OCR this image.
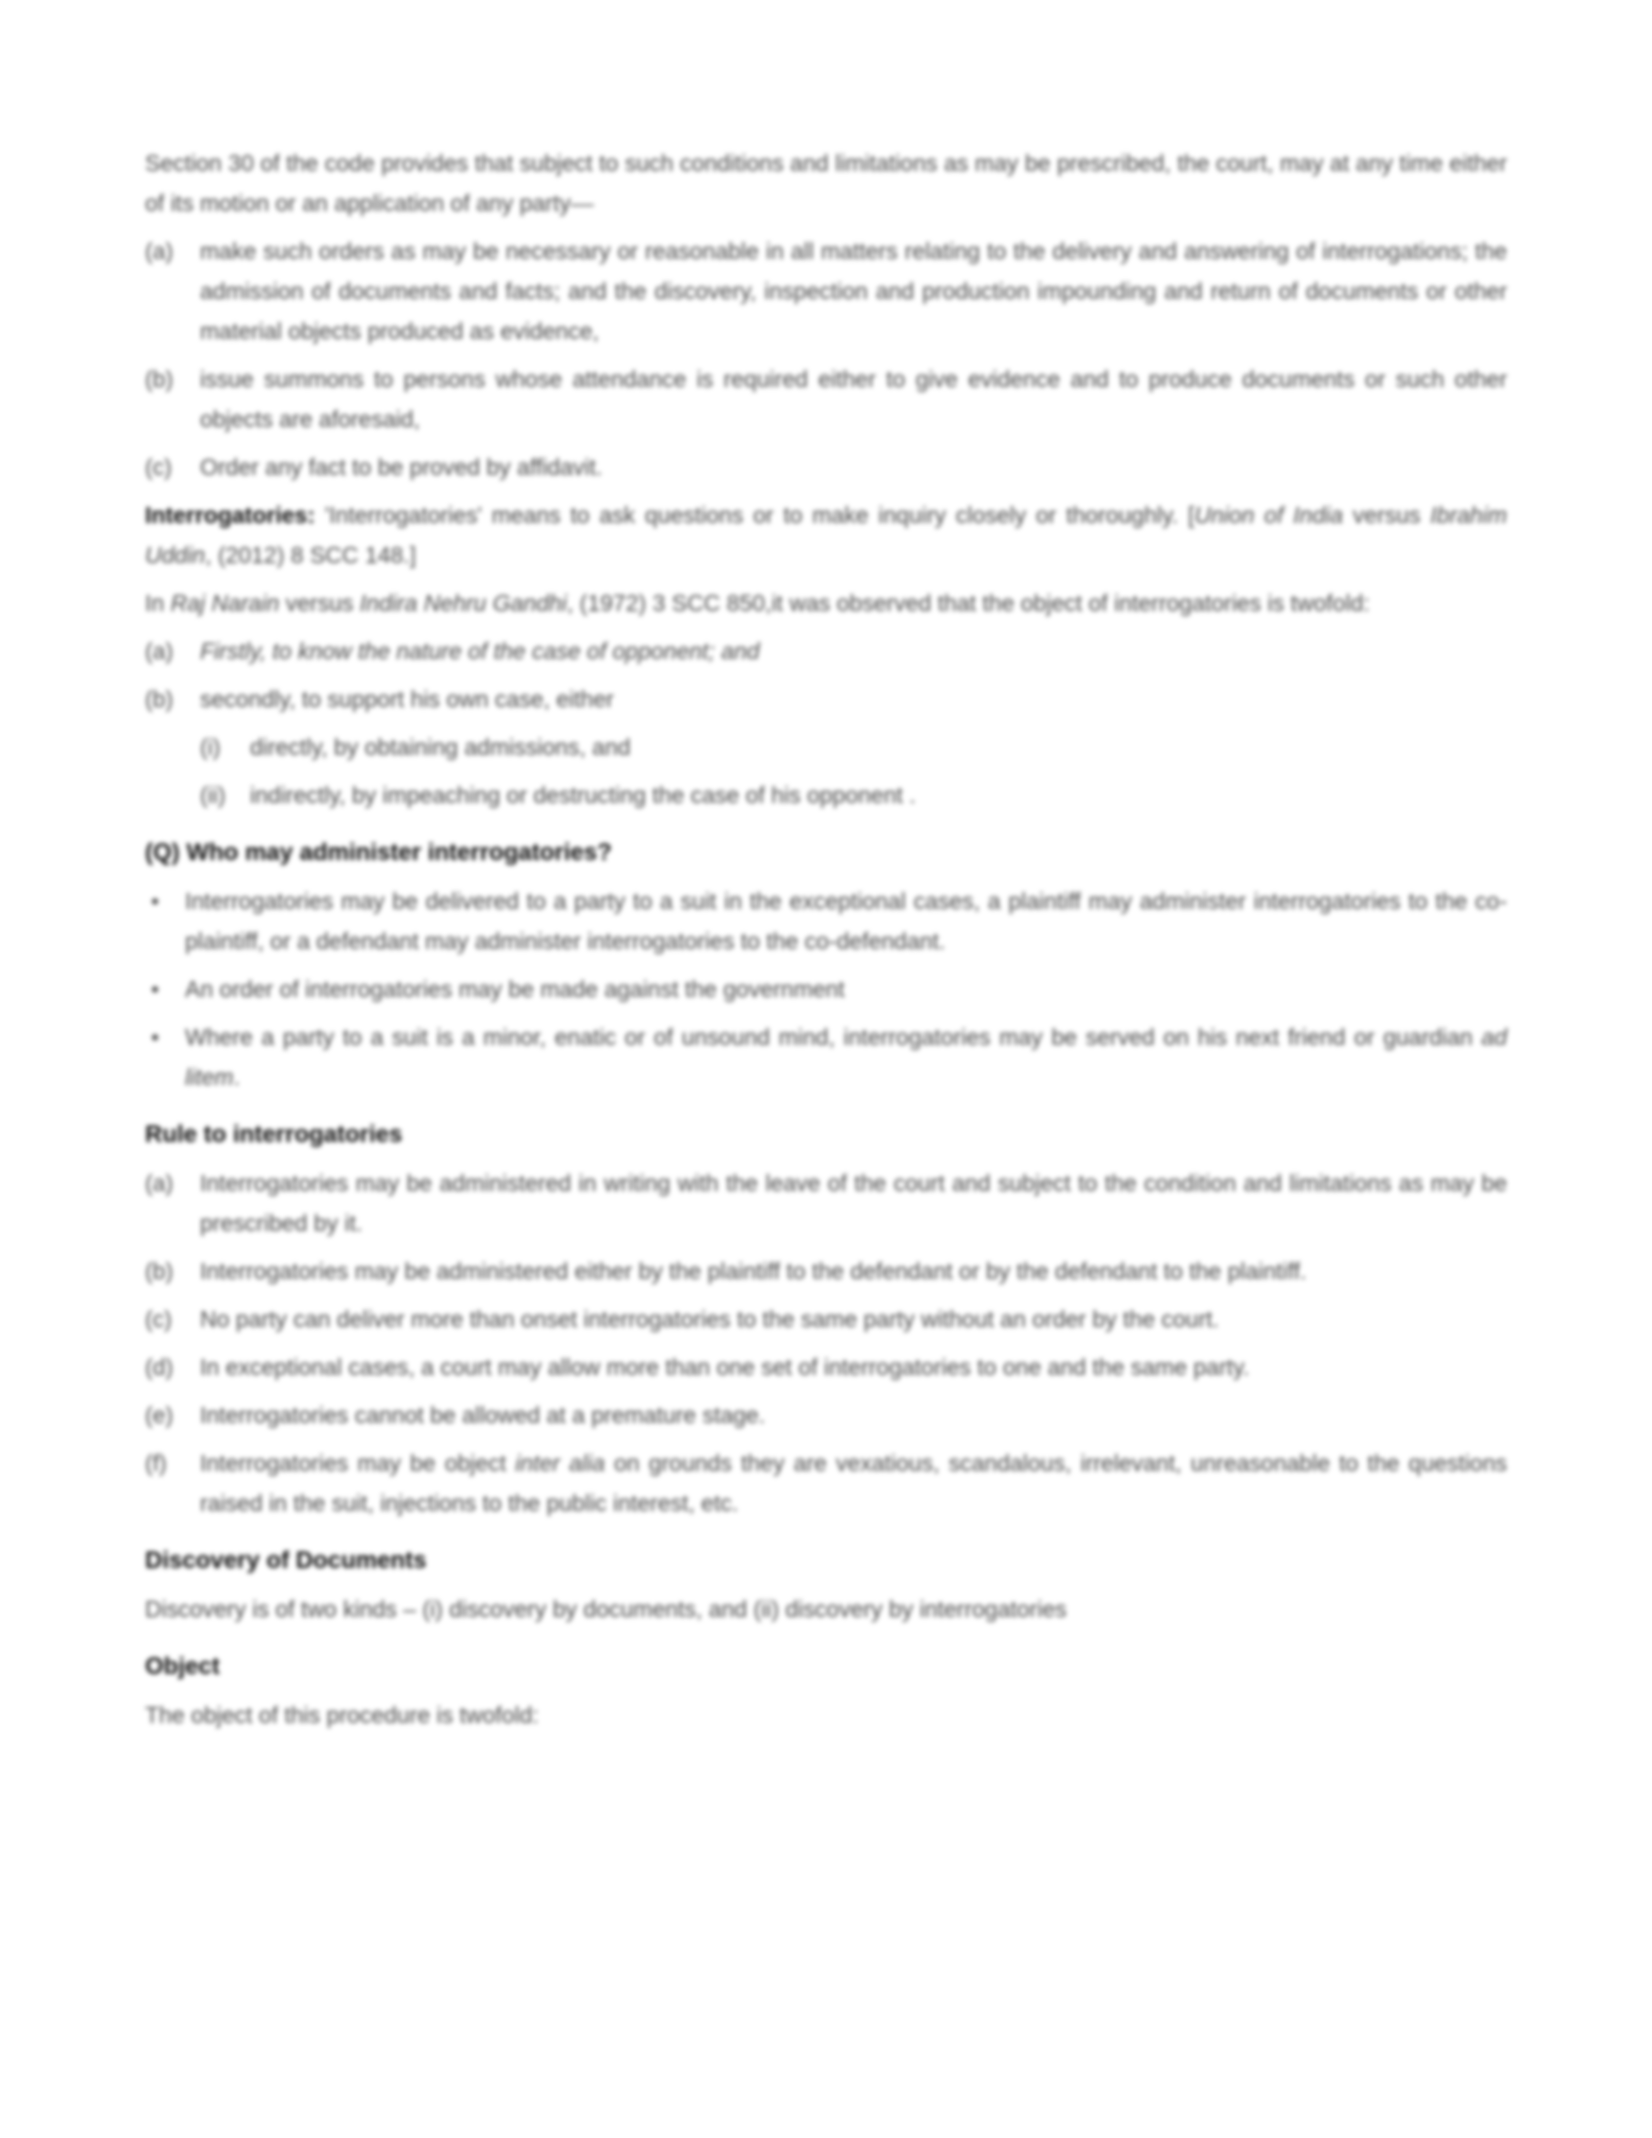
Section 30 of the code provides that subject to such conditions and limitations as may be prescribed, the court, may at any time either of its motion or an application of any party—

(a)	make such orders as may be necessary or reasonable in all matters relating to the delivery and answering of interrogations; the admission of documents and facts; and the discovery, inspection and production impounding and return of documents or other material objects produced as evidence,
(b)	issue summons to persons whose attendance is required either to give evidence and to produce documents or such other objects are aforesaid,
(c)	Order any fact to be proved by affidavit.

Interrogatories: 'Interrogatories' means to ask questions or to make inquiry closely or thoroughly. [Union of India versus Ibrahim Uddin, (2012) 8 SCC 148.]

In Raj Narain versus Indira Nehru Gandhi, (1972) 3 SCC 850,it was observed that the object of interrogatories is twofold:

(a)	Firstly, to know the nature of the case of opponent; and
(b)	secondly, to support his own case, either
(i)	directly, by obtaining admissions, and
(ii)	indirectly, by impeaching or destructing the case of his opponent .

(Q) Who may administer interrogatories?

•	Interrogatories may be delivered to a party to a suit in the exceptional cases, a plaintiff may administer interrogatories to the co-plaintiff, or a defendant may administer interrogatories to the co-defendant.
•	An order of interrogatories may be made against the government
•	Where a party to a suit is a minor, enatic or of unsound mind, interrogatories may be served on his next friend or guardian ad litem.

Rule to interrogatories

(a)	Interrogatories may be administered in writing with the leave of the court and subject to the condition and limitations as may be prescribed by it.
(b)	Interrogatories may be administered either by the plaintiff to the defendant or by the defendant to the plaintiff.
(c)	No party can deliver more than onset interrogatories to the same party without an order by the court.
(d)	In exceptional cases, a court may allow more than one set of interrogatories to one and the same party.
(e)	Interrogatories cannot be allowed at a premature stage.
(f)	Interrogatories may be object inter alia on grounds they are vexatious, scandalous, irrelevant, unreasonable to the questions raised in the suit, injections to the public interest, etc.

Discovery of Documents

Discovery is of two kinds – (i) discovery by documents, and (ii) discovery by interrogatories

Object

The object of this procedure is twofold:
